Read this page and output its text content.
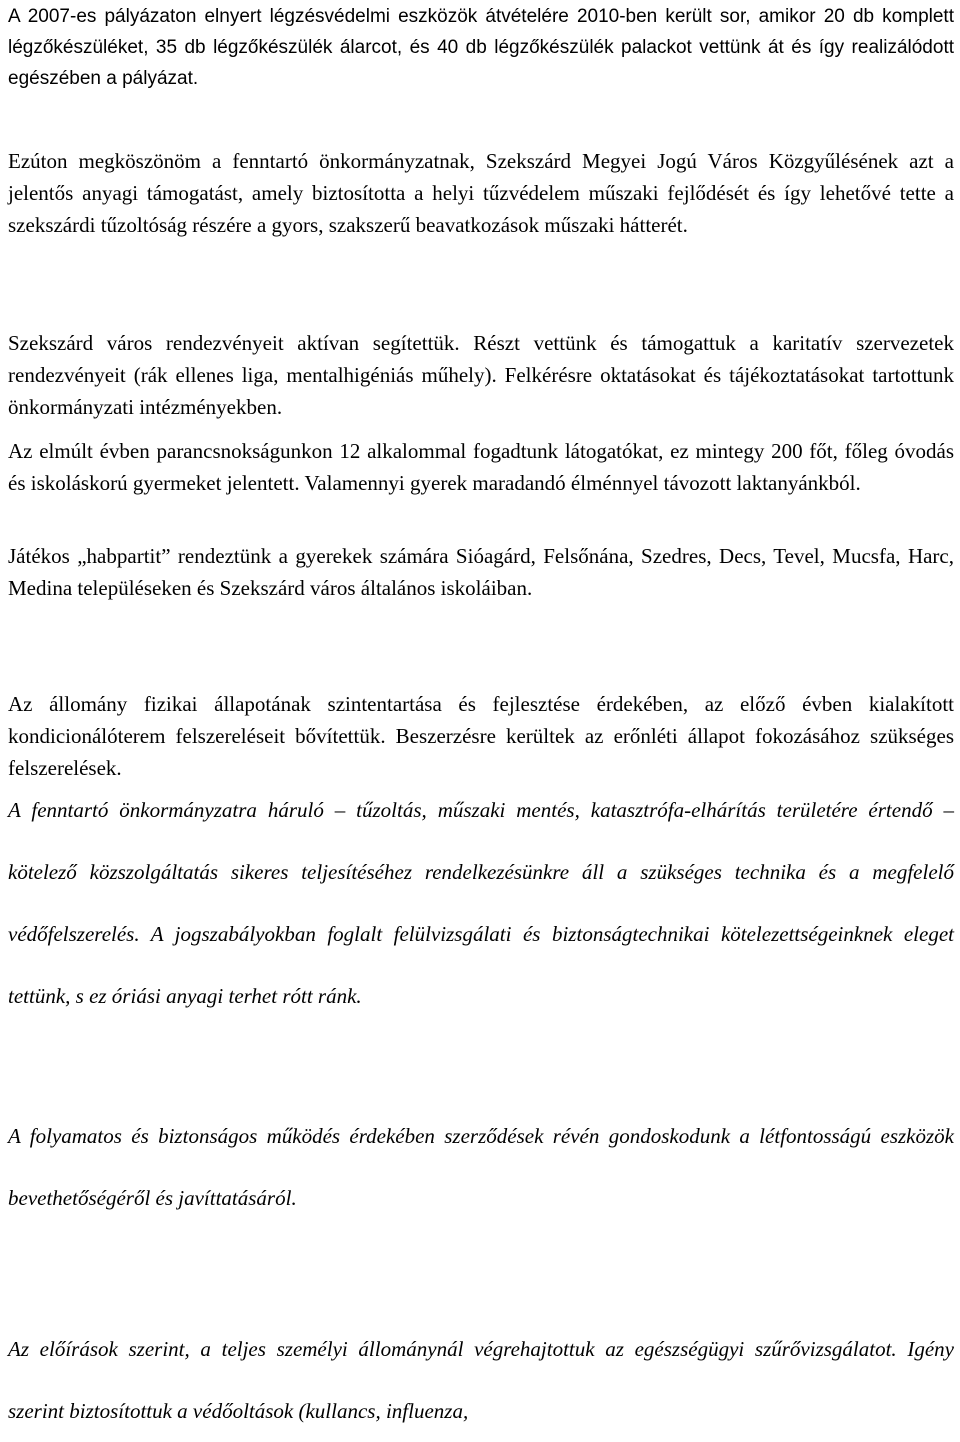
A 2007-es pályázaton elnyert légzésvédelmi eszközök átvételére 2010-ben került sor, amikor 20 db komplett légzőkészüléket, 35 db légzőkészülék álarcot, és 40 db légzőkészülék palackot vettünk át és így realizálódott egészében a pályázat.

Ezúton megköszönöm a fenntartó önkormányzatnak, Szekszárd Megyei Jogú Város Közgyűlésének azt a jelentős anyagi támogatást, amely biztosította a helyi tűzvédelem műszaki fejlődését és így lehetővé tette a szekszárdi tűzoltóság részére a gyors, szakszerű beavatkozások műszaki hátterét.

Szekszárd város rendezvényeit aktívan segítettük. Részt vettünk és támogattuk a karitatív szervezetek rendezvényeit (rák ellenes liga, mentalhigéniás műhely). Felkérésre oktatásokat és tájékoztatásokat tartottunk önkormányzati intézményekben.

Az elmúlt évben parancsnokságunkon 12 alkalommal fogadtunk látogatókat, ez mintegy 200 főt, főleg óvodás és iskoláskorú gyermeket jelentett. Valamennyi gyerek maradandó élménnyel távozott laktanyánkból.

Játékos „habpartit” rendeztünk a gyerekek számára Sióagárd, Felsőnána, Szedres, Decs, Tevel, Mucsfa, Harc, Medina településeken és Szekszárd város általános iskoláiban.

Az állomány fizikai állapotának szintentartása és fejlesztése érdekében, az előző évben kialakított kondicionálóterem felszereléseit bővítettük. Beszerzésre kerültek az erőnléti állapot fokozásához szükséges felszerelések.

A fenntartó önkormányzatra háruló – tűzoltás, műszaki mentés, katasztrófa-elhárítás területére értendő – kötelező közszolgáltatás sikeres teljesítéséhez rendelkezésünkre áll a szükséges technika és a megfelelő védőfelszerelés. A jogszabályokban foglalt felülvizsgálati és biztonságtechnikai kötelezettségeinknek eleget tettünk, s ez óriási anyagi terhet rótt ránk.

A folyamatos és biztonságos működés érdekében szerződések révén gondoskodunk a létfontosságú eszközök bevethetőségéről és javíttatásáról.

Az előírások szerint, a teljes személyi állománynál végrehajtottuk az egészségügyi szűrővizsgálatot. Igény szerint biztosítottuk a védőoltások (kullancs, influenza,
